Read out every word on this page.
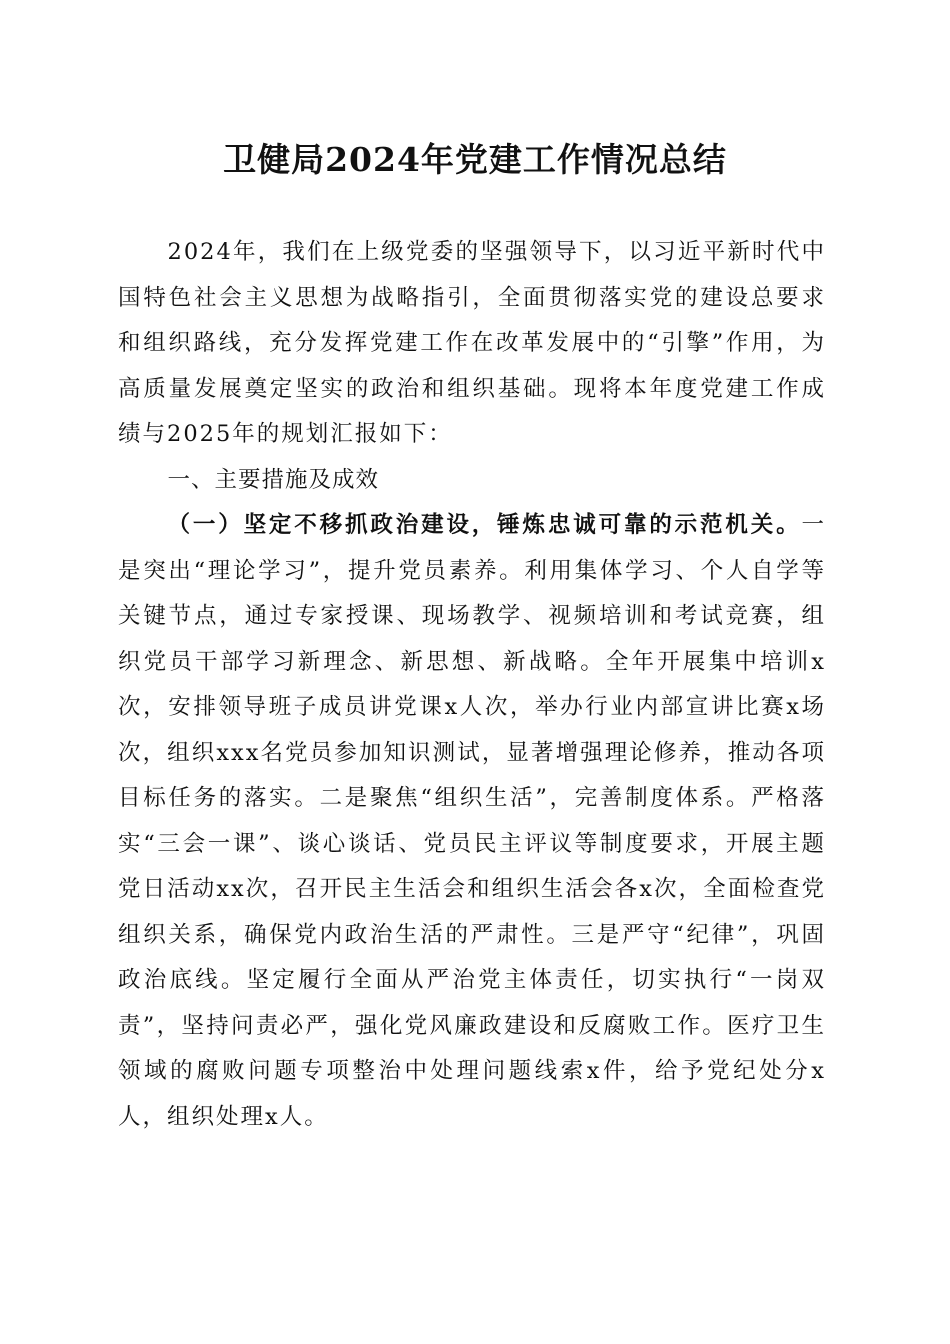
卫健局2024年党建工作情况总结

2024年，我们在上级党委的坚强领导下，以习近平新时代中国特色社会主义思想为战略指引，全面贯彻落实党的建设总要求和组织路线，充分发挥党建工作在改革发展中的“引擎”作用，为高质量发展奠定坚实的政治和组织基础。现将本年度党建工作成绩与2025年的规划汇报如下：

一、主要措施及成效

（一）坚定不移抓政治建设，锤炼忠诚可靠的示范机关。一是突出“理论学习”，提升党员素养。利用集体学习、个人自学等关键节点，通过专家授课、现场教学、视频培训和考试竞赛，组织党员干部学习新理念、新思想、新战略。全年开展集中培训x次，安排领导班子成员讲党课x人次，举办行业内部宣讲比赛x场次，组织xxx名党员参加知识测试，显著增强理论修养，推动各项目标任务的落实。二是聚焦“组织生活”，完善制度体系。严格落实“三会一课”、谈心谈话、党员民主评议等制度要求，开展主题党日活动xx次，召开民主生活会和组织生活会各x次，全面检查党组织关系，确保党内政治生活的严肃性。三是严守“纪律”，巩固政治底线。坚定履行全面从严治党主体责任，切实执行“一岗双责”，坚持问责必严，强化党风廉政建设和反腐败工作。医疗卫生领域的腐败问题专项整治中处理问题线索x件，给予党纪处分x人，组织处理x人。
